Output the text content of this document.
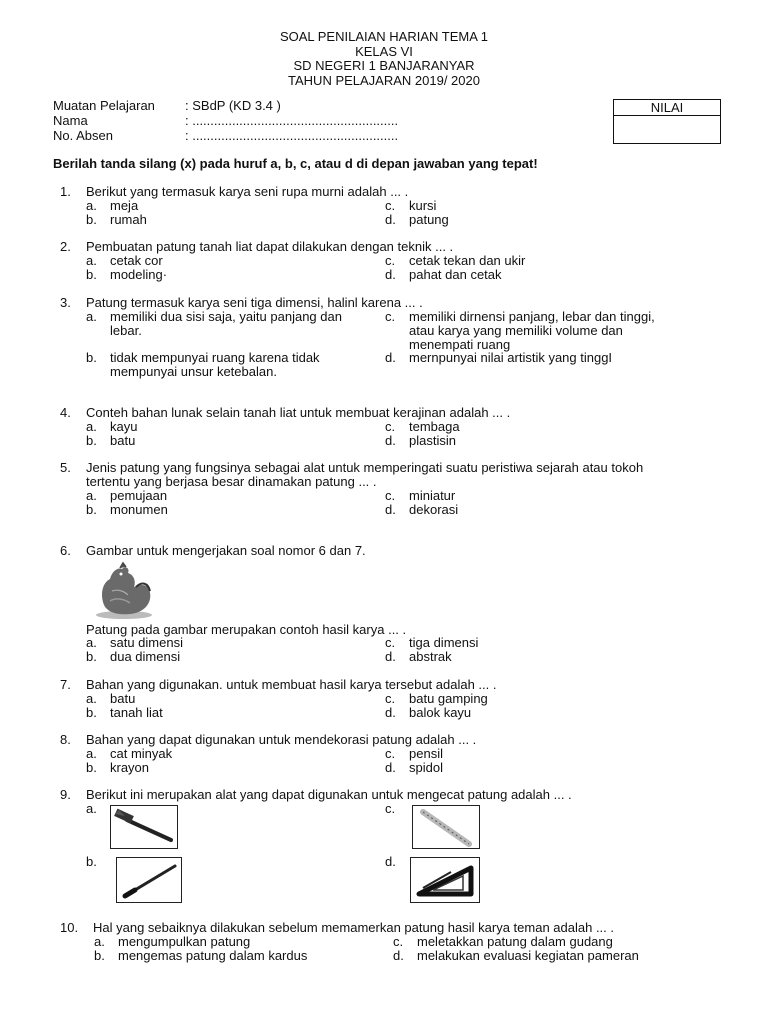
SOAL PENILAIAN HARIAN TEMA 1
KELAS VI
SD NEGERI 1 BANJARANYAR
TAHUN PELAJARAN 2019/ 2020
Muatan Pelajaran : SBdP (KD 3.4 )
Nama	: .........................................................
No. Absen	: .........................................................
NILAI
Berilah tanda silang (x) pada huruf a, b, c, atau d di depan jawaban yang tepat!
1. Berikut yang termasuk karya seni rupa murni adalah ... .
a. meja
b. rumah
c. kursi
d. patung
2. Pembuatan patung tanah liat dapat dilakukan dengan teknik ... .
a. cetak cor
b. modeling·
c. cetak tekan dan ukir
d. pahat dan cetak
3. Patung termasuk karya seni tiga dimensi, halinl karena ... .
a. memiliki dua sisi saja, yaitu panjang dan
lebar.
b. tidak mempunyai ruang karena tidak
mempunyai unsur ketebalan.
c. memiliki dirnensi panjang, lebar dan tinggi,
atau karya yang memiliki volume dan
menempati ruang
d. mernpunyai nilai artistik yang tinggI
4. Conteh bahan lunak selain tanah liat untuk membuat kerajinan adalah ... .
a. kayu
b. batu
c. tembaga
d. plastisin
5. Jenis patung yang fungsinya sebagai alat untuk memperingati suatu peristiwa sejarah atau tokoh
tertentu yang berjasa besar dinamakan patung ... .
a. pemujaan
b. monumen
c. miniatur
d. dekorasi
6. Gambar untuk mengerjakan soal nomor 6 dan 7.
Patung pada gambar merupakan contoh hasil karya ... .
a. satu dimensi
b. dua dimensi
c. tiga dimensi
d. abstrak
7. Bahan yang digunakan. untuk membuat hasil karya tersebut adalah ... .
a. batu
b. tanah liat
c. batu gamping
d. balok kayu
8. Bahan yang dapat digunakan untuk mendekorasi patung adalah ... .
a. cat minyak
b. krayon
c. pensil
d. spidol
9. Berikut ini merupakan alat yang dapat digunakan untuk mengecat patung adalah ... .
a.
b.
c.
d.
10. Hal yang sebaiknya dilakukan sebelum memamerkan patung hasil karya teman adalah ... .
a. mengumpulkan patung
b. mengemas patung dalam kardus
c. meletakkan patung dalam gudang
d. melakukan evaluasi kegiatan pameran
